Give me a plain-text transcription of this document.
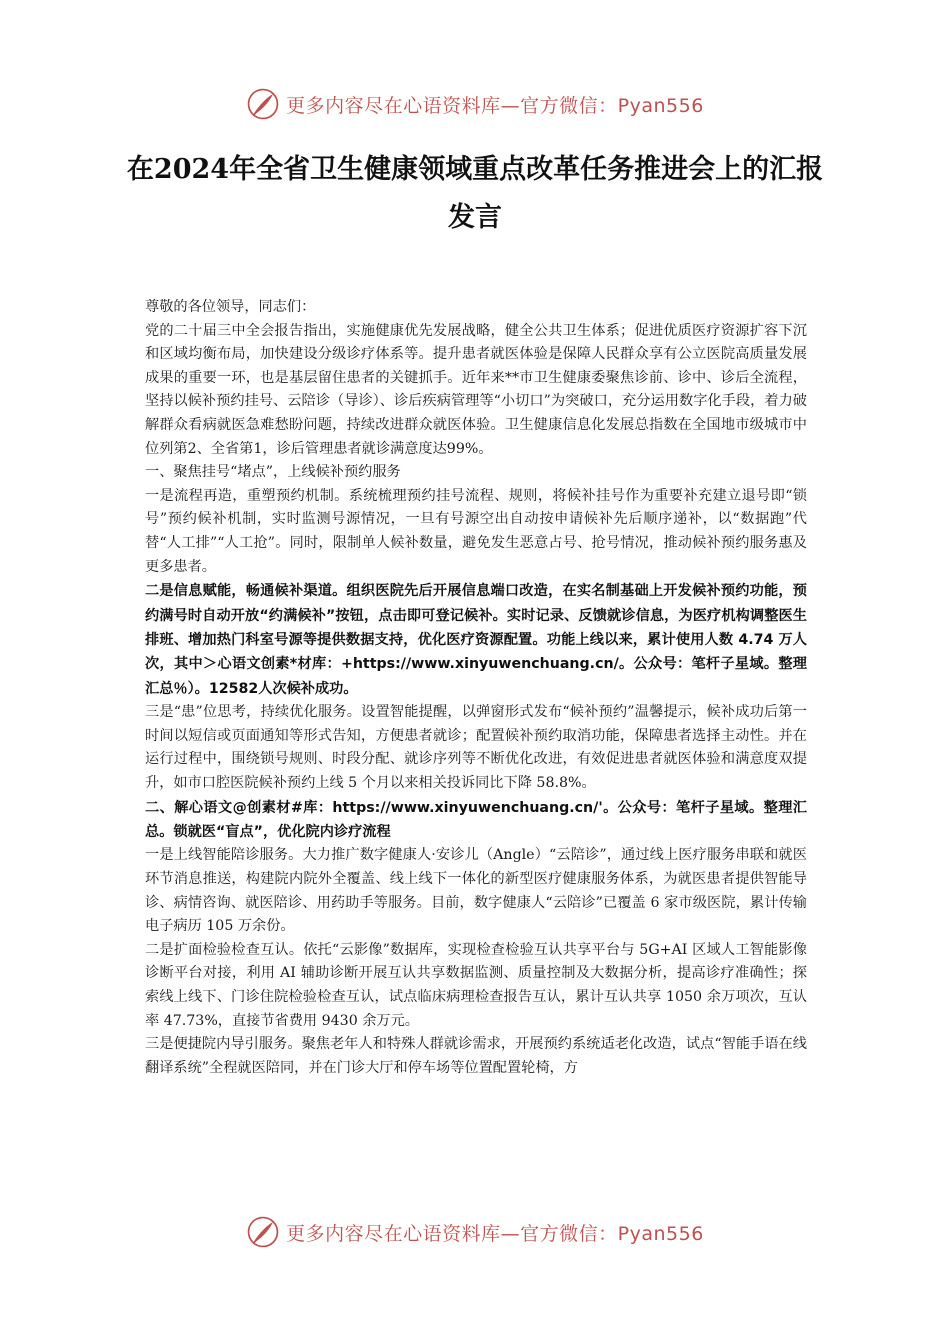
更多内容尽在心语资料库—官方微信：Pyan556
在2024年全省卫生健康领域重点改革任务推进会上的汇报发言

尊敬的各位领导，同志们：

党的二十届三中全会报告指出，实施健康优先发展战略，健全公共卫生体系；促进优质医疗资源扩容下沉和区域均衡布局，加快建设分级诊疗体系等。提升患者就医体验是保障人民群众享有公立医院高质量发展成果的重要一环，也是基层留住患者的关键抓手。近年来**市卫生健康委聚焦诊前、诊中、诊后全流程，坚持以候补预约挂号、云陪诊（导诊）、诊后疾病管理等“小切口”为突破口，充分运用数字化手段，着力破解群众看病就医急难愁盼问题，持续改进群众就医体验。卫生健康信息化发展总指数在全国地市级城市中位列第2、全省第1，诊后管理患者就诊满意度达99%。

一、聚焦挂号“堵点”，上线候补预约服务

一是流程再造，重塑预约机制。系统梳理预约挂号流程、规则，将候补挂号作为重要补充建立退号即“锁号”预约候补机制，实时监测号源情况，一旦有号源空出自动按申请候补先后顺序递补，以“数据跑”代替“人工排”“人工抢”。同时，限制单人候补数量，避免发生恶意占号、抢号情况，推动候补预约服务惠及更多患者。

二是信息赋能，畅通候补渠道。组织医院先后开展信息端口改造，在实名制基础上开发候补预约功能，预约满号时自动开放“约满候补”按钮，点击即可登记候补。实时记录、反馈就诊信息，为医疗机构调整医生排班、增加热门科室号源等提供数据支持，优化医疗资源配置。功能上线以来，累计使用人数 4.74 万人次，其中＞心语文创素*材库：+https://www.xinyuwenchuang.cn/。公众号：笔杆子星域。整理汇总％）。12582人次候补成功。

三是“患”位思考，持续优化服务。设置智能提醒，以弹窗形式发布“候补预约”温馨提示，候补成功后第一时间以短信或页面通知等形式告知，方便患者就诊；配置候补预约取消功能，保障患者选择主动性。并在运行过程中，围绕锁号规则、时段分配、就诊序列等不断优化改进，有效促进患者就医体验和满意度双提升，如市口腔医院候补预约上线 5 个月以来相关投诉同比下降 58.8%。

二、解心语文@创素材#库：https://www.xinyuwenchuang.cn/'。公众号：笔杆子星域。整理汇总。锁就医“盲点”，优化院内诊疗流程

一是上线智能陪诊服务。大力推广数字健康人·安诊儿（Angle）“云陪诊”，通过线上医疗服务串联和就医环节消息推送，构建院内院外全覆盖、线上线下一体化的新型医疗健康服务体系，为就医患者提供智能导诊、病情咨询、就医陪诊、用药助手等服务。目前，数字健康人“云陪诊”已覆盖 6 家市级医院，累计传输电子病历 105 万余份。

二是扩面检验检查互认。依托“云影像”数据库，实现检查检验互认共享平台与 5G+AI 区域人工智能影像诊断平台对接，利用 AI 辅助诊断开展互认共享数据监测、质量控制及大数据分析，提高诊疗准确性；探索线上线下、门诊住院检验检查互认，试点临床病理检查报告互认，累计互认共享 1050 余万项次，互认率 47.73%，直接节省费用 9430 余万元。

三是便捷院内导引服务。聚焦老年人和特殊人群就诊需求，开展预约系统适老化改造，试点“智能手语在线翻译系统”全程就医陪同，并在门诊大厅和停车场等位置配置轮椅，方

更多内容尽在心语资料库—官方微信：Pyan556
